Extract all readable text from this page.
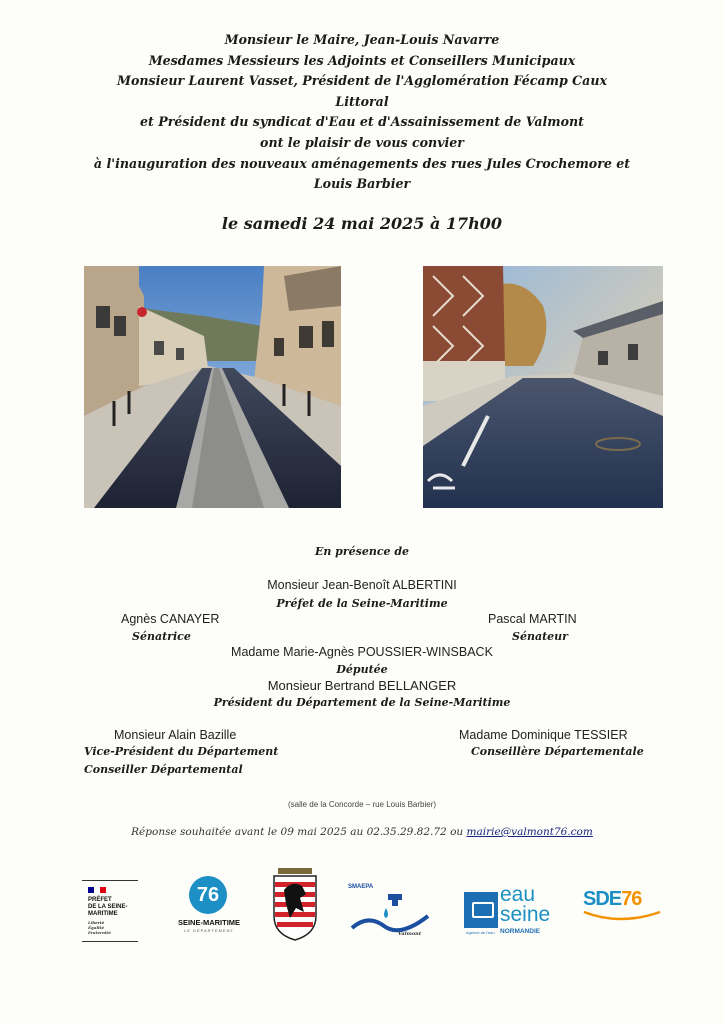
Monsieur le Maire, Jean-Louis Navarre
Mesdames Messieurs les Adjoints et Conseillers Municipaux
Monsieur Laurent Vasset, Président de l'Agglomération Fécamp Caux
Littoral
et Président du syndicat d'Eau et d'Assainissement de Valmont
ont le plaisir de vous convier
à l'inauguration des nouveaux aménagements des rues Jules Crochemore et
Louis Barbier
le samedi 24 mai 2025 à 17h00
En présence de
Monsieur Jean-Benoît ALBERTINI
Préfet de la Seine-Maritime
Agnès CANAYER
Sénatrice
Pascal MARTIN
Sénateur
Madame Marie-Agnès POUSSIER-WINSBACK
Députée
Monsieur Bertrand BELLANGER
Président du Département de la Seine-Maritime
Monsieur Alain Bazille
Vice-Président du Département
Conseiller Départemental
Madame Dominique TESSIER
Conseillère Départementale
(salle de la Concorde – rue Louis Barbier)
Réponse souhaitée avant le 09 mai 2025 au 02.35.29.82.72 ou mairie@valmont76.com
PRÉFET
DE LA SEINE-
MARITIME
Liberté
Égalité
Fraternité
76
SEINE-MARITIME
LE DÉPARTEMENT
SMAEPA
Valmont	Agence de l'eau
eau
seine
NORMANDIE
SDE76
